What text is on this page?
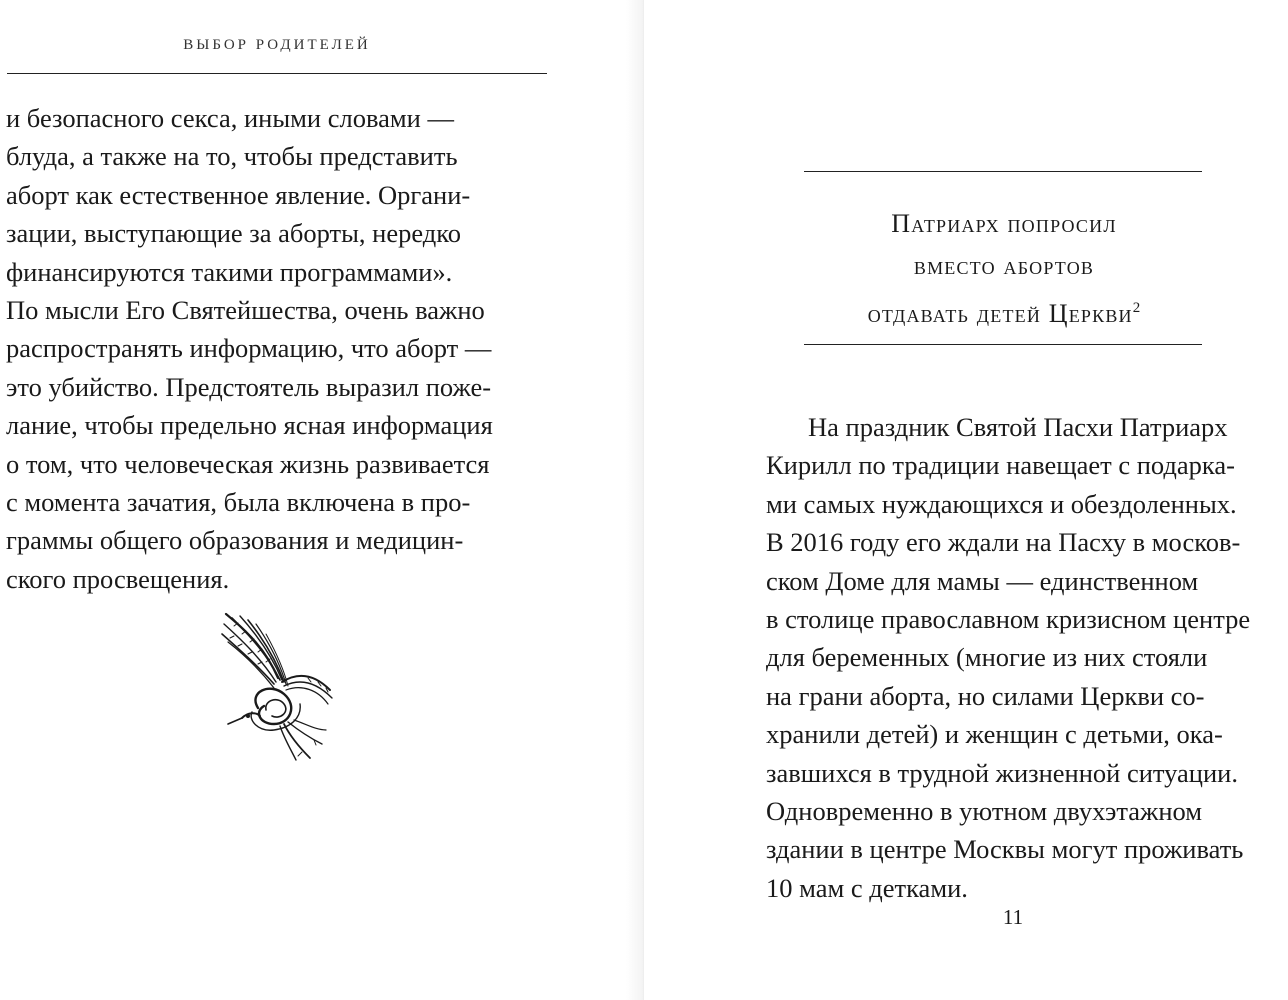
ВЫБОР РОДИТЕЛЕЙ
и безопасного секса, иными словами —
блуда, а также на то, чтобы представить
аборт как естественное явление. Органи-
зации, выступающие за аборты, нередко
финансируются такими программами».
По мысли Его Святейшества, очень важно
распространять информацию, что аборт —
это убийство. Предстоятель выразил поже-
лание, чтобы предельно ясная информация
о том, что человеческая жизнь развивается
с момента зачатия, была включена в про-
граммы общего образования и медицин-
ского просвещения.
Патриарх попросил
вместо абортов
отдавать детей Церкви$^2$
На праздник Святой Пасхи Патриарх
Кирилл по традиции навещает с подарка-
ми самых нуждающихся и обездоленных.
В 2016 году его ждали на Пасху в москов-
ском Доме для мамы — единственном
в столице православном кризисном центре
для беременных (многие из них стояли
на грани аборта, но силами Церкви со-
хранили детей) и женщин с детьми, ока-
завшихся в трудной жизненной ситуации.
Одновременно в уютном двухэтажном
здании в центре Москвы могут проживать
10 мам с детками.
11
